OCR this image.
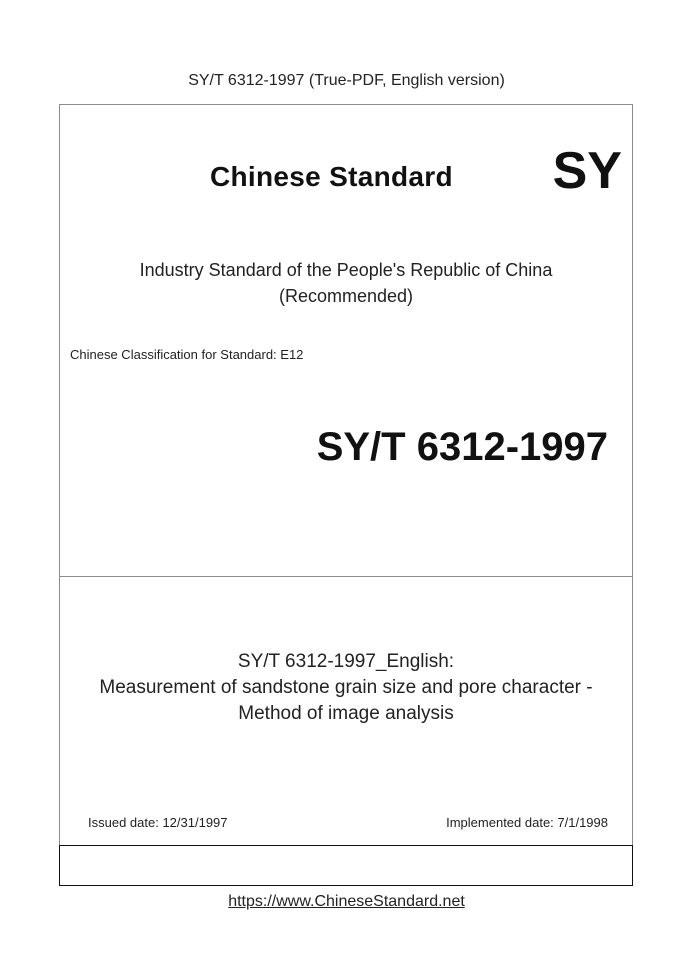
SY/T 6312-1997 (True-PDF, English version)
Chinese Standard SY
Industry Standard of the People's Republic of China
(Recommended)
Chinese Classification for Standard: E12
SY/T 6312-1997
SY/T 6312-1997_English:
Measurement of sandstone grain size and pore character -
Method of image analysis
Issued date: 12/31/1997	Implemented date: 7/1/1998
https://www.ChineseStandard.net
